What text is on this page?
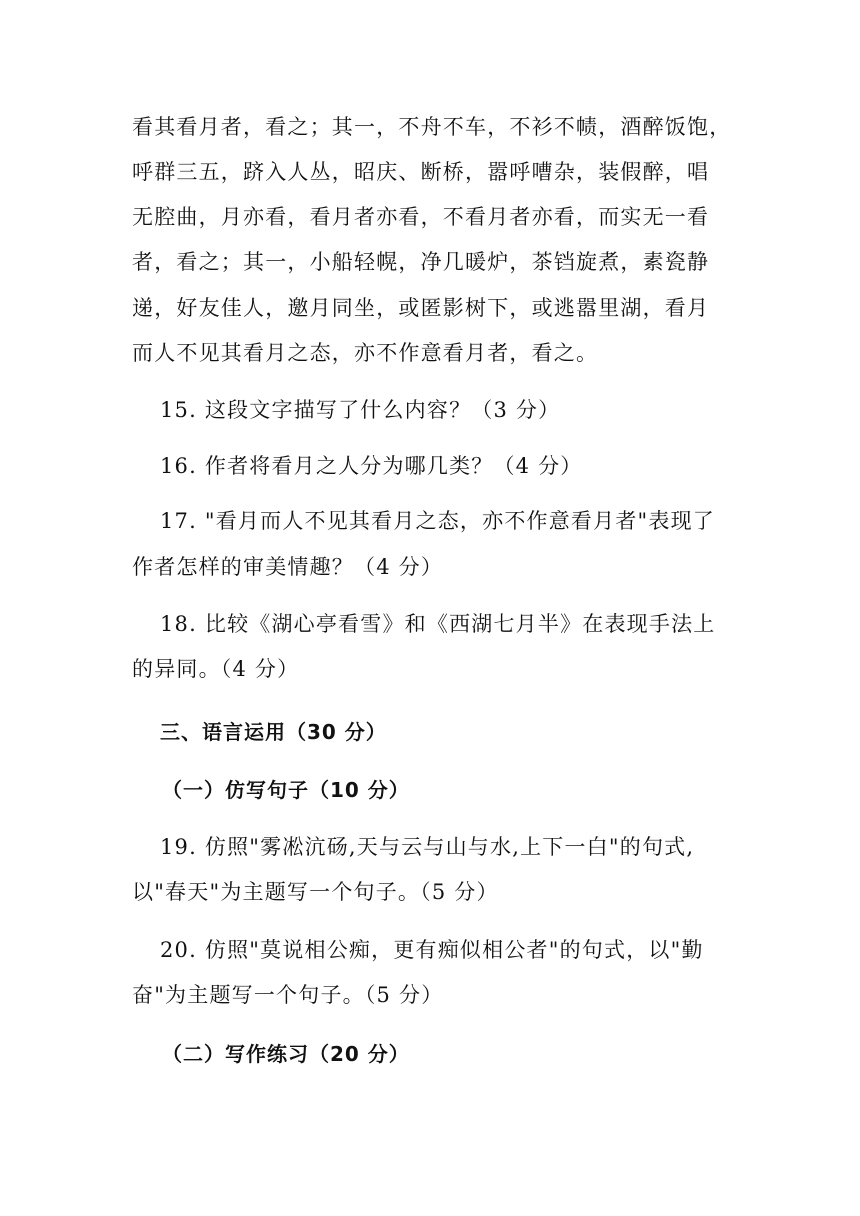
看其看月者，看之；其一，不舟不车，不衫不帻，酒醉饭饱，
呼群三五，跻入人丛，昭庆、断桥，嚣呼嘈杂，装假醉，唱
无腔曲，月亦看，看月者亦看，不看月者亦看，而实无一看
者，看之；其一，小船轻幌，净几暖炉，茶铛旋煮，素瓷静
递，好友佳人，邀月同坐，或匿影树下，或逃嚣里湖，看月
而人不见其看月之态，亦不作意看月者，看之。
15. 这段文字描写了什么内容？（3 分）
16. 作者将看月之人分为哪几类？（4 分）
17. "看月而人不见其看月之态，亦不作意看月者"表现了
作者怎样的审美情趣？（4 分）
18. 比较《湖心亭看雪》和《西湖七月半》在表现手法上
的异同。（4 分）
三、语言运用（30 分）
（一）仿写句子（10 分）
19. 仿照"雾凇沆砀,天与云与山与水,上下一白"的句式,
以"春天"为主题写一个句子。（5 分）
20. 仿照"莫说相公痴，更有痴似相公者"的句式，以"勤
奋"为主题写一个句子。（5 分）
（二）写作练习（20 分）
